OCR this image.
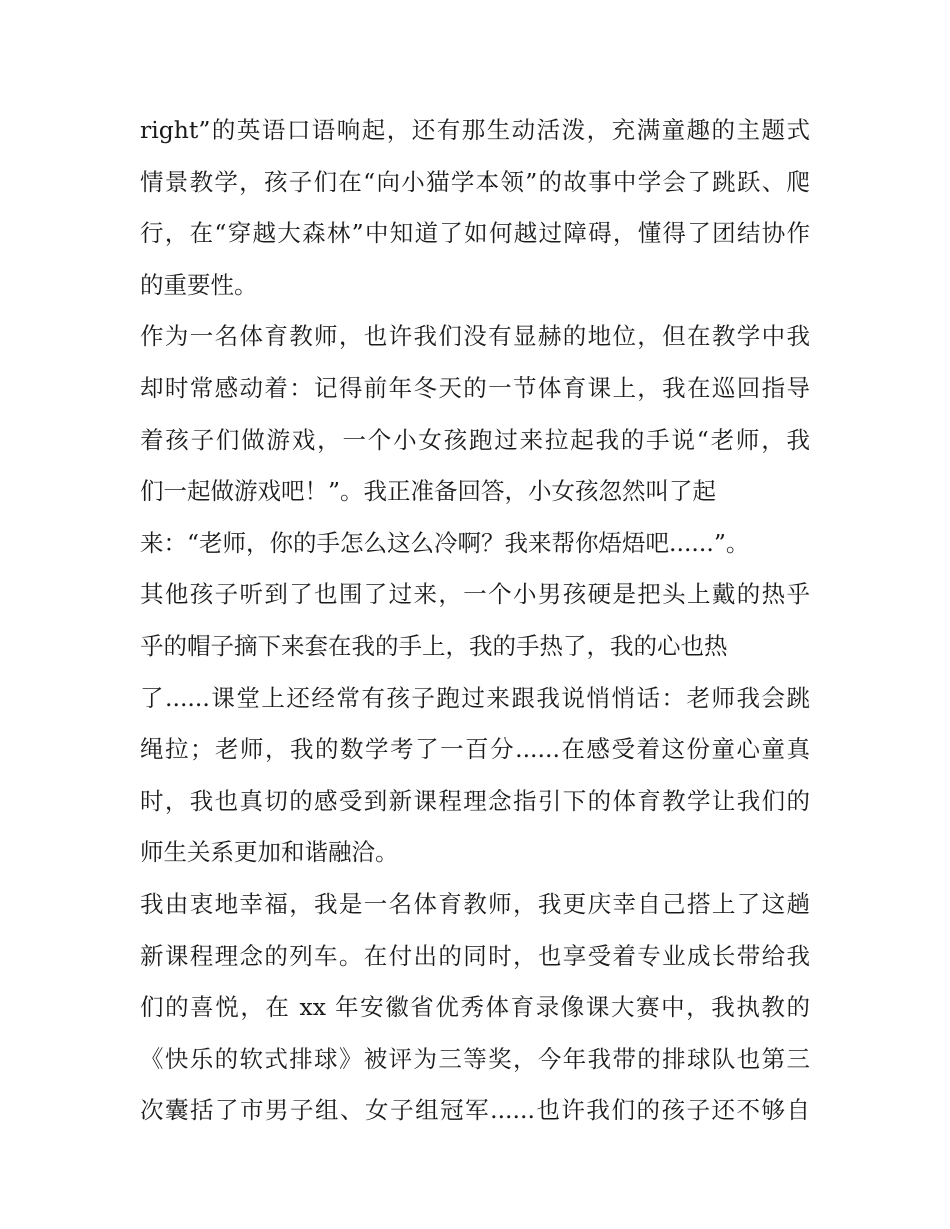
right”的英语口语响起，还有那生动活泼，充满童趣的主题式
情景教学，孩子们在“向小猫学本领”的故事中学会了跳跃、爬
行，在“穿越大森林”中知道了如何越过障碍，懂得了团结协作
的重要性。
作为一名体育教师，也许我们没有显赫的地位，但在教学中我
却时常感动着：记得前年冬天的一节体育课上，我在巡回指导
着孩子们做游戏，一个小女孩跑过来拉起我的手说“老师，我
们一起做游戏吧！”。我正准备回答，小女孩忽然叫了起
来：“老师，你的手怎么这么冷啊？我来帮你焐焐吧......”。
其他孩子听到了也围了过来，一个小男孩硬是把头上戴的热乎
乎的帽子摘下来套在我的手上，我的手热了，我的心也热
了......课堂上还经常有孩子跑过来跟我说悄悄话：老师我会跳
绳拉；老师，我的数学考了一百分......在感受着这份童心童真
时，我也真切的感受到新课程理念指引下的体育教学让我们的
师生关系更加和谐融洽。
我由衷地幸福，我是一名体育教师，我更庆幸自己搭上了这趟
新课程理念的列车。在付出的同时，也享受着专业成长带给我
们的喜悦，在 xx 年安徽省优秀体育录像课大赛中，我执教的
《快乐的软式排球》被评为三等奖，今年我带的排球队也第三
次囊括了市男子组、女子组冠军......也许我们的孩子还不够自
